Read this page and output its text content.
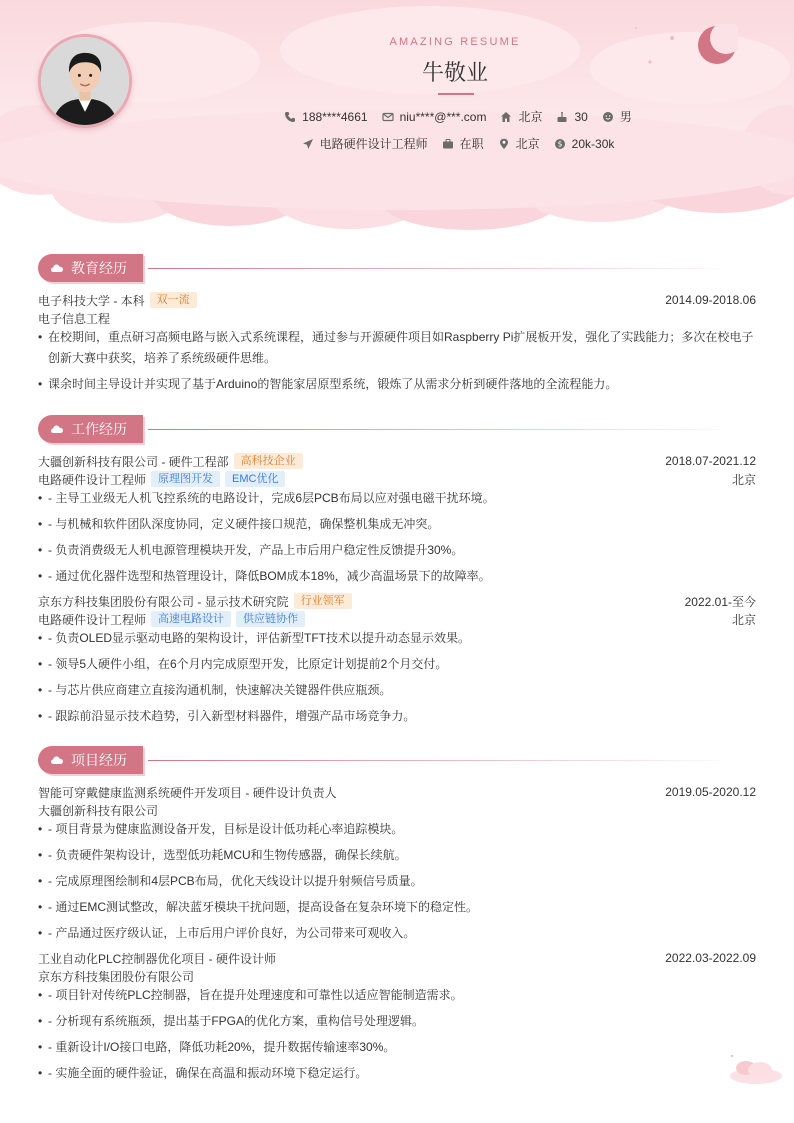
AMAZING RESUME
牛敬业
188****4661	niu****@***.com	北京	30	男
电路硬件设计工程师	在职	北京 $ 20k-30k
教育经历
电子科技大学 - 本科	双一流	2014.09-2018.06
电子信息工程
• 在校期间，重点研习高频电路与嵌入式系统课程，通过参与开源硬件项目如Raspberry Pi扩展板开发，强化了实践能力；多次在校电子创新大赛中获奖，培养了系统级硬件思维。
• 课余时间主导设计并实现了基于Arduino的智能家居原型系统，锻炼了从需求分析到硬件落地的全流程能力。
工作经历
大疆创新科技有限公司 - 硬件工程部	高科技企业	2018.07-2021.12
电路硬件设计工程师	原理图开发	EMC优化	北京
• - 主导工业级无人机飞控系统的电路设计，完成6层PCB布局以应对强电磁干扰环境。
• - 与机械和软件团队深度协同，定义硬件接口规范，确保整机集成无冲突。
• - 负责消费级无人机电源管理模块开发，产品上市后用户稳定性反馈提升30%。
• - 通过优化器件选型和热管理设计，降低BOM成本18%，减少高温场景下的故障率。
京东方科技集团股份有限公司 - 显示技术研究院	行业领军	2022.01-至今
电路硬件设计工程师	高速电路设计	供应链协作	北京
• - 负责OLED显示驱动电路的架构设计，评估新型TFT技术以提升动态显示效果。
• - 领导5人硬件小组，在6个月内完成原型开发，比原定计划提前2个月交付。
• - 与芯片供应商建立直接沟通机制，快速解决关键器件供应瓶颈。
• - 跟踪前沿显示技术趋势，引入新型材料器件，增强产品市场竞争力。
项目经历
智能可穿戴健康监测系统硬件开发项目 - 硬件设计负责人	2019.05-2020.12
大疆创新科技有限公司
• - 项目背景为健康监测设备开发，目标是设计低功耗心率追踪模块。
• - 负责硬件架构设计，选型低功耗MCU和生物传感器，确保长续航。
• - 完成原理图绘制和4层PCB布局，优化天线设计以提升射频信号质量。
• - 通过EMC测试整改，解决蓝牙模块干扰问题，提高设备在复杂环境下的稳定性。
• - 产品通过医疗级认证，上市后用户评价良好，为公司带来可观收入。
工业自动化PLC控制器优化项目 - 硬件设计师	2022.03-2022.09
京东方科技集团股份有限公司
• - 项目针对传统PLC控制器，旨在提升处理速度和可靠性以适应智能制造需求。
• - 分析现有系统瓶颈，提出基于FPGA的优化方案，重构信号处理逻辑。
• - 重新设计I/O接口电路，降低功耗20%，提升数据传输速率30%。
• - 实施全面的硬件验证，确保在高温和振动环境下稳定运行。
